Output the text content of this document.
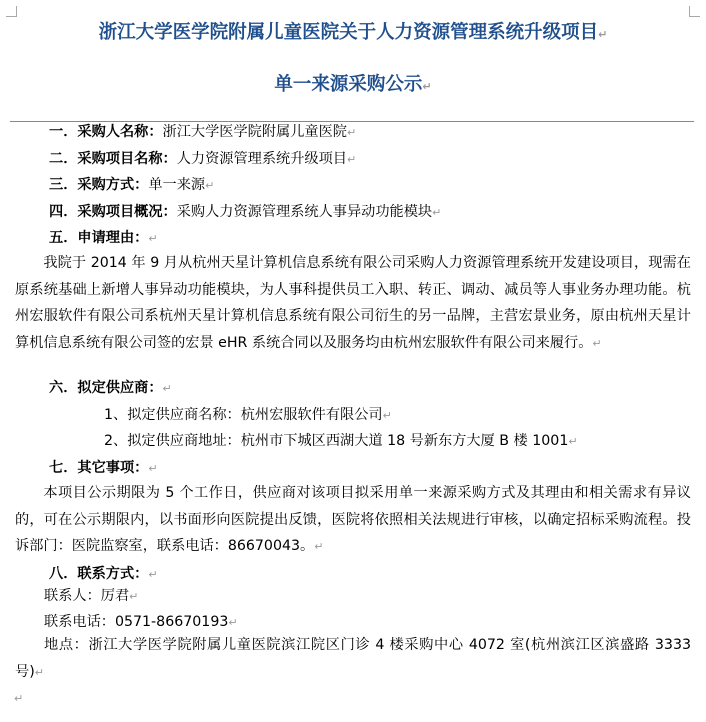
浙江大学医学院附属儿童医院关于人力资源管理系统升级项目↵
单一来源采购公示↵
一．采购人名称：浙江大学医学院附属儿童医院↵
二．采购项目名称：人力资源管理系统升级项目↵
三．采购方式：单一来源↵
四．采购项目概况：采购人力资源管理系统人事异动功能模块↵
五．申请理由：↵
我院于 2014 年 9 月从杭州天星计算机信息系统有限公司采购人力资源管理系统开发建设项目，现需在原系统基础上新增人事异动功能模块，为人事科提供员工入职、转正、调动、减员等人事业务办理功能。杭州宏服软件有限公司系杭州天星计算机信息系统有限公司衍生的另一品牌，主营宏景业务，原由杭州天星计算机信息系统有限公司签的宏景 eHR 系统合同以及服务均由杭州宏服软件有限公司来履行。↵
六．拟定供应商：↵
1、拟定供应商名称：杭州宏服软件有限公司↵
2、拟定供应商地址：杭州市下城区西湖大道 18 号新东方大厦 B 楼 1001↵
七．其它事项：↵
本项目公示期限为 5 个工作日，供应商对该项目拟采用单一来源采购方式及其理由和相关需求有异议的，可在公示期限内，以书面形向医院提出反馈，医院将依照相关法规进行审核，以确定招标采购流程。投诉部门：医院监察室，联系电话：86670043。↵
八．联系方式：↵
联系人：厉君↵
联系电话：0571-86670193↵
地点：浙江大学医学院附属儿童医院滨江院区门诊 4 楼采购中心 4072 室(杭州滨江区滨盛路 3333 号)↵
↵
